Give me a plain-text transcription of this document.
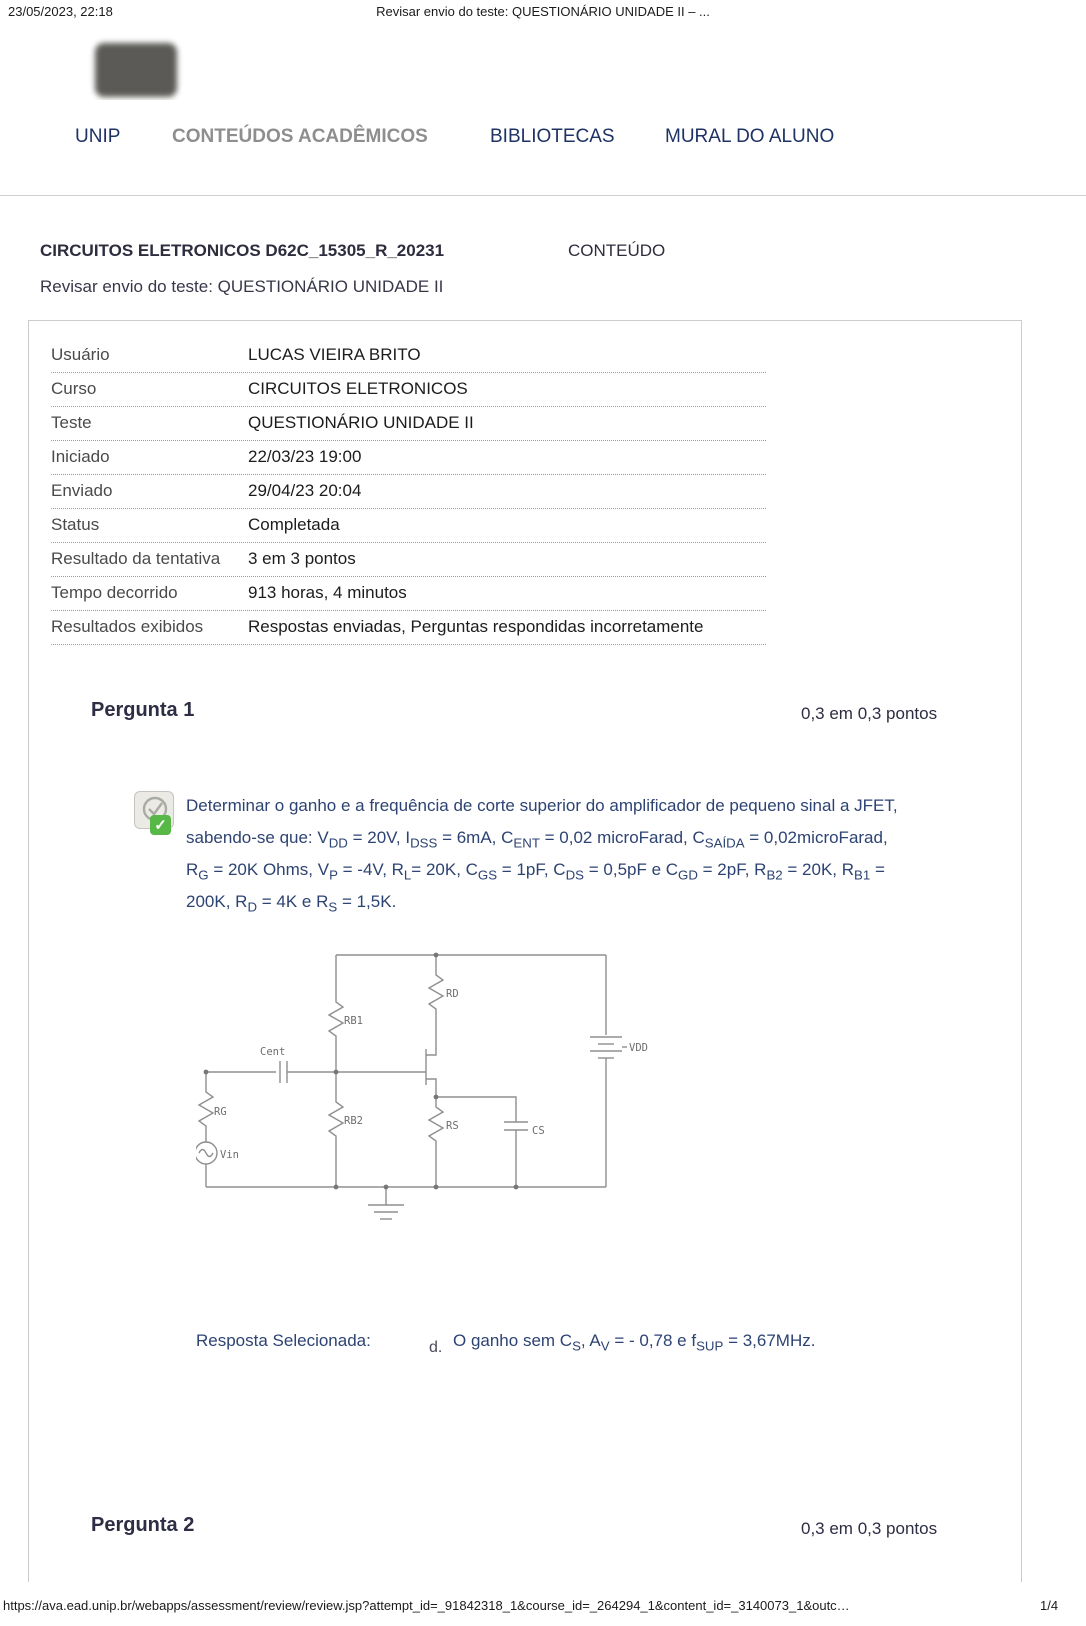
23/05/2023, 22:18	Revisar envio do teste: QUESTIONÁRIO UNIDADE II – ...
UNIP	CONTEÚDOS ACADÊMICOS	BIBLIOTECAS	MURAL DO ALUNO
CIRCUITOS ELETRONICOS D62C_15305_R_20231	CONTEÚDO
Revisar envio do teste: QUESTIONÁRIO UNIDADE II
Usuário	LUCAS VIEIRA BRITO
Curso	CIRCUITOS ELETRONICOS
Teste	QUESTIONÁRIO UNIDADE II
Iniciado	22/03/23 19:00
Enviado	29/04/23 20:04
Status	Completada
Resultado da tentativa	3 em 3 pontos
Tempo decorrido	913 horas, 4 minutos
Resultados exibidos	Respostas enviadas, Perguntas respondidas incorretamente
Pergunta 1	0,3 em 0,3 pontos
✓
Determinar o ganho e a frequência de corte superior do amplificador de pequeno sinal a JFET, sabendo-se que: $V_{DD} = 20V$, $I_{DSS} = 6mA$, $C_{ENT} = 0,02$ microFarad, $C_{SAÍDA}$ = 0,02microFarad, $R_G = 20K$ Ohms, $V_P = -4V$, $R_L= 20K$, $C_{GS} = 1pF$, $C_{DS} = 0,5pF$ e $C_{GD} = 2pF$, $R_{B2} = 20K$, $R_{B1} = 200K$, $R_D = 4K$ e $R_S = 1,5K$.
RD
RB1
Cent
RG
Vin
RB2	RS	CS
VDD
Resposta Selecionada:	d. O ganho sem $C_S$, $A_V$ = - 0,78 e $f_{SUP} = 3,67MHz$.
Pergunta 2	0,3 em 0,3 pontos
https://ava.ead.unip.br/webapps/assessment/review/review.jsp?attempt_id=_91842318_1&course_id=_264294_1&content_id=_3140073_1&outc…	1/4
